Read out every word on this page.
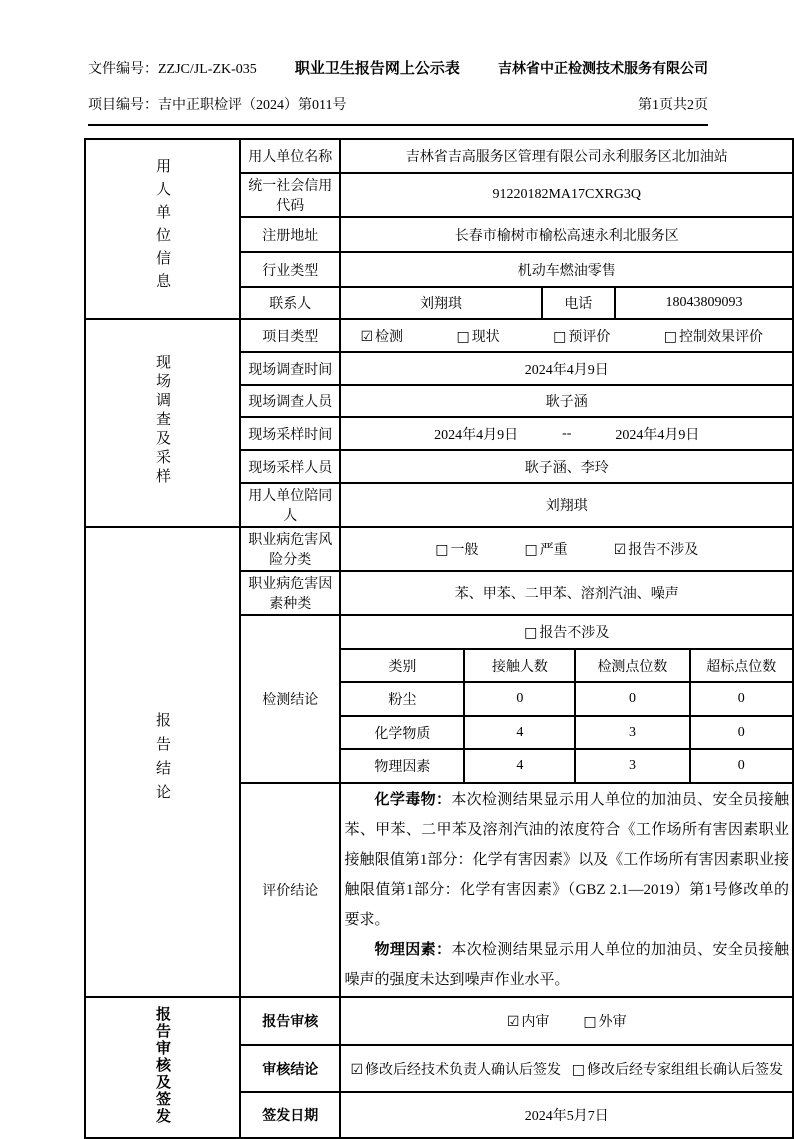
文件编号：ZZJC/JL-ZK-035	职业卫生报告网上公示表	吉林省中正检测技术服务有限公司
项目编号：吉中正职检评（2024）第011号	第1页共2页
用人单位信息	用人单位名称	吉林省吉高服务区管理有限公司永利服务区北加油站					
	统一社会信用代码	91220182MA17CXRG3Q					
	注册地址	长春市榆树市榆松高速永利北服务区					
	行业类型	机动车燃油零售					
	联系人	刘翔琪		电话		18043809093	
现场调查及采样	项目类型	☑ 检测 □ 现状 □ 预评价 □ 控制效果评价					

	现场调查时间	2024年4月9日					
	现场调查人员	耿子涵					
	现场采样时间	2024年4月9日 -- 2024年4月9日					

	现场采样人员	耿子涵、李玲					
	用人单位陪同人	刘翔琪					
报告结论	职业病危害风险分类	□ 一般 □ 严重 ☑ 报告不涉及					

	职业病危害因素种类	苯、甲苯、二甲苯、溶剂汽油、噪声					
	检测结论	□ 报告不涉及					

		类别	接触人数		检测点位数		超标点位数
		粉尘	0		0		0
		化学物质	4		3		0
		物理因素	4		3		0
	评价结论	化学毒物：本次检测结果显示用人单位的加油员、安全员接触苯、甲苯、二甲苯及溶剂汽油的浓度符合《工作场所有害因素职业接触限值第1部分：化学有害因素》以及《工作场所有害因素职业接触限值第1部分：化学有害因素》（GBZ 2.1—2019）第1号修改单的要求。

物理因素：本次检测结果显示用人单位的加油员、安全员接触噪声的强度未达到噪声作业水平。					

报告审核及签发	报告审核	☑ 内审 □ 外审					

	审核结论	☑ 修改后经技术负责人确认后签发 □ 修改后经专家组组长确认后签发					

	签发日期	2024年5月7日					
